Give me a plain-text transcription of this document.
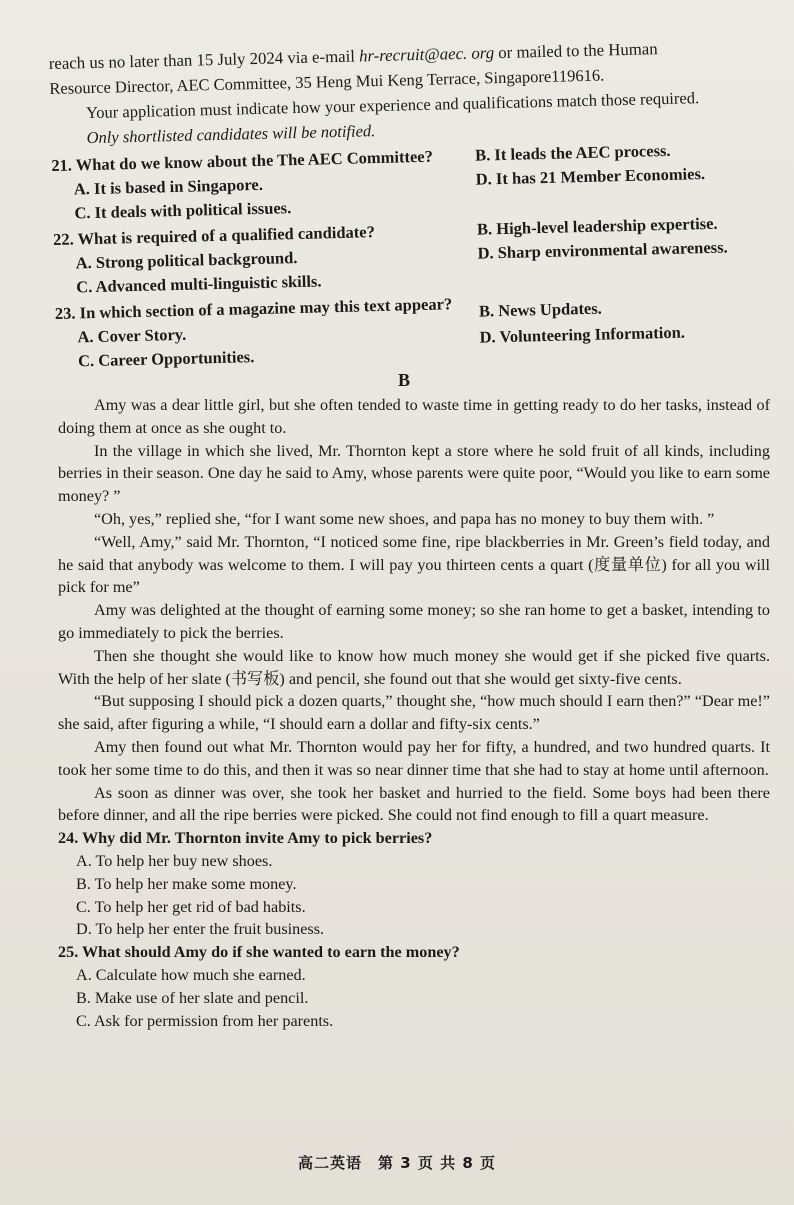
reach us no later than 15 July 2024 via e-mail hr-recruit@aec. org or mailed to the Human
Resource Director, AEC Committee, 35 Heng Mui Keng Terrace, Singapore119616.
Your application must indicate how your experience and qualifications match those required.
Only shortlisted candidates will be notified.
21. What do we know about the The AEC Committee?	B. It leads the AEC process.
A. It is based in Singapore.	D. It has 21 Member Economies.
C. It deals with political issues.
22. What is required of a qualified candidate?	B. High-level leadership expertise.
A. Strong political background.	D. Sharp environmental awareness.
C. Advanced multi-linguistic skills.
23. In which section of a magazine may this text appear? B. News Updates.
A. Cover Story.	D. Volunteering Information.
C. Career Opportunities.
B

Amy was a dear little girl, but she often tended to waste time in getting ready to do her tasks, instead of doing them at once as she ought to.

In the village in which she lived, Mr. Thornton kept a store where he sold fruit of all kinds, including berries in their season. One day he said to Amy, whose parents were quite poor, “Would you like to earn some money? ”

“Oh, yes,” replied she, “for I want some new shoes, and papa has no money to buy them with. ”

“Well, Amy,” said Mr. Thornton, “I noticed some fine, ripe blackberries in Mr. Green’s field today, and he said that anybody was welcome to them. I will pay you thirteen cents a quart (度量单位) for all you will pick for me”

Amy was delighted at the thought of earning some money; so she ran home to get a basket, intending to go immediately to pick the berries.

Then she thought she would like to know how much money she would get if she picked five quarts. With the help of her slate (书写板) and pencil, she found out that she would get sixty-five cents.

“But supposing I should pick a dozen quarts,” thought she, “how much should I earn then?” “Dear me!” she said, after figuring a while, “I should earn a dollar and fifty-six cents.”

Amy then found out what Mr. Thornton would pay her for fifty, a hundred, and two hundred quarts. It took her some time to do this, and then it was so near dinner time that she had to stay at home until afternoon.

As soon as dinner was over, she took her basket and hurried to the field. Some boys had been there before dinner, and all the ripe berries were picked. She could not find enough to fill a quart measure.

24. Why did Mr. Thornton invite Amy to pick berries?

A. To help her buy new shoes.

B. To help her make some money.

C. To help her get rid of bad habits.

D. To help her enter the fruit business.

25. What should Amy do if she wanted to earn the money?

A. Calculate how much she earned.

B. Make use of her slate and pencil.

C. Ask for permission from her parents.

高二英语　第 3 页 共 8 页
